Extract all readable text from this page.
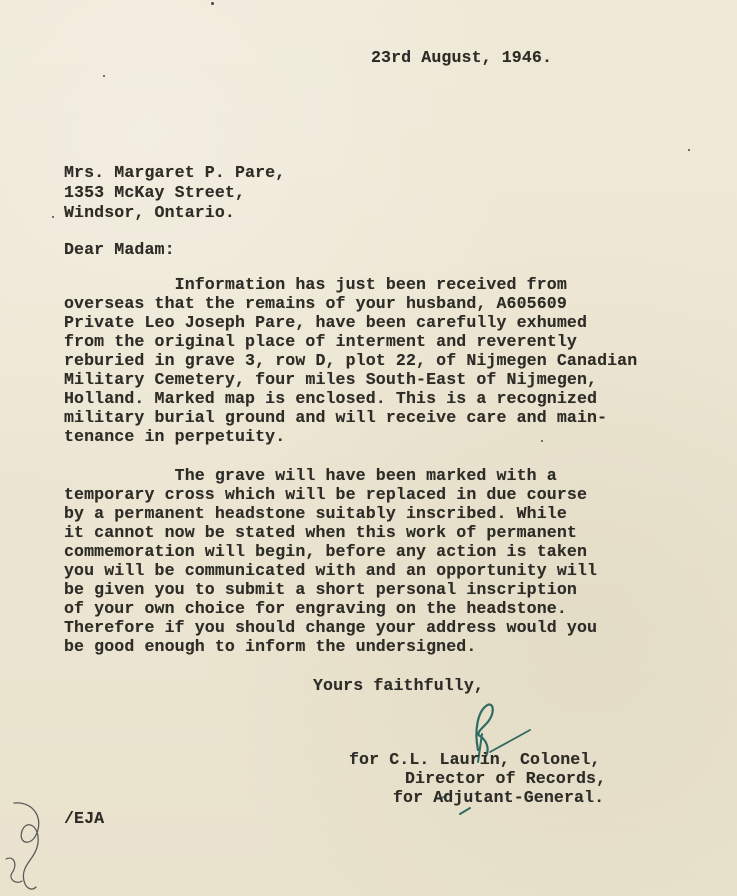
23rd August, 1946.
Mrs. Margaret P. Pare,
1353 McKay Street,
Windsor, Ontario.
Dear Madam:

Information has just been received from

overseas that the remains of your husband, A605609

Private Leo Joseph Pare, have been carefully exhumed

from the original place of interment and reverently

reburied in grave 3, row D, plot 22, of Nijmegen Canadian

Military Cemetery, four miles South-East of Nijmegen,

Holland. Marked map is enclosed. This is a recognized

military burial ground and will receive care and main-

tenance in perpetuity.

The grave will have been marked with a

temporary cross which will be replaced in due course

by a permanent headstone suitably inscribed. While

it cannot now be stated when this work of permanent

commemoration will begin, before any action is taken

you will be communicated with and an opportunity will

be given you to submit a short personal inscription

of your own choice for engraving on the headstone.

Therefore if you should change your address would you

be good enough to inform the undersigned.

Yours faithfully,
for C.L. Laurin, Colonel,
Director of Records,
for Adjutant-General.
/EJA
